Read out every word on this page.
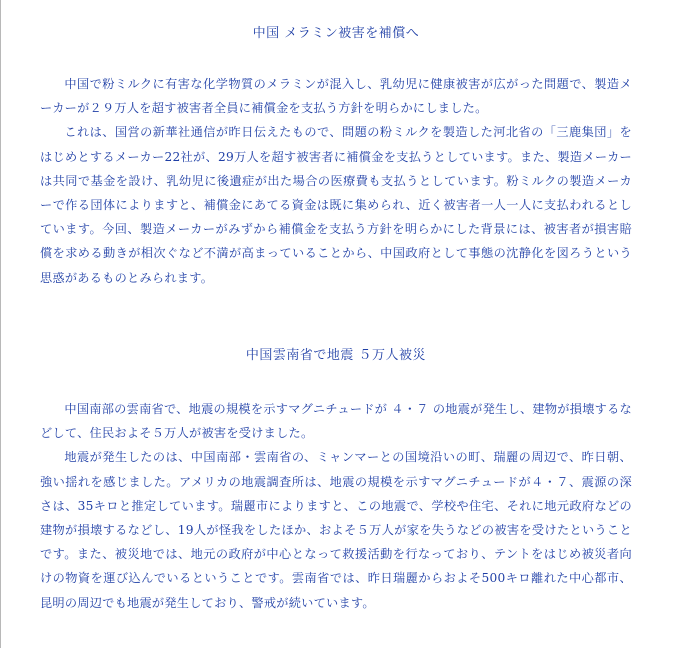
中国 メラミン被害を補償へ

中国で粉ミルクに有害な化学物質のメラミンが混入し、乳幼児に健康被害が広がった問題で、製造メーカーが２９万人を超す被害者全員に補償金を支払う方針を明らかにしました。

これは、国営の新華社通信が昨日伝えたもので、問題の粉ミルクを製造した河北省の「三鹿集団」をはじめとするメーカー22社が、29万人を超す被害者に補償金を支払うとしています。また、製造メーカーは共同で基金を設け、乳幼児に後遺症が出た場合の医療費も支払うとしています。粉ミルクの製造メーカーで作る団体によりますと、補償金にあてる資金は既に集められ、近く被害者一人一人に支払われるとしています。今回、製造メーカーがみずから補償金を支払う方針を明らかにした背景には、被害者が損害賠償を求める動きが相次ぐなど不満が高まっていることから、中国政府として事態の沈静化を図ろうという思惑があるものとみられます。

中国雲南省で地震 ５万人被災

中国南部の雲南省で、地震の規模を示すマグニチュードが ４・７ の地震が発生し、建物が損壊するなどして、住民およそ５万人が被害を受けました。

地震が発生したのは、中国南部・雲南省の、ミャンマーとの国境沿いの町、瑞麗の周辺で、昨日朝、強い揺れを感じました。アメリカの地震調査所は、地震の規模を示すマグニチュードが４・７、震源の深さは、35キロと推定しています。瑞麗市によりますと、この地震で、学校や住宅、それに地元政府などの建物が損壊するなどし、19人が怪我をしたほか、およそ５万人が家を失うなどの被害を受けたということです。また、被災地では、地元の政府が中心となって救援活動を行なっており、テントをはじめ被災者向けの物資を運び込んでいるということです。雲南省では、昨日瑞麗からおよそ500キロ離れた中心都市、昆明の周辺でも地震が発生しており、警戒が続いています。
